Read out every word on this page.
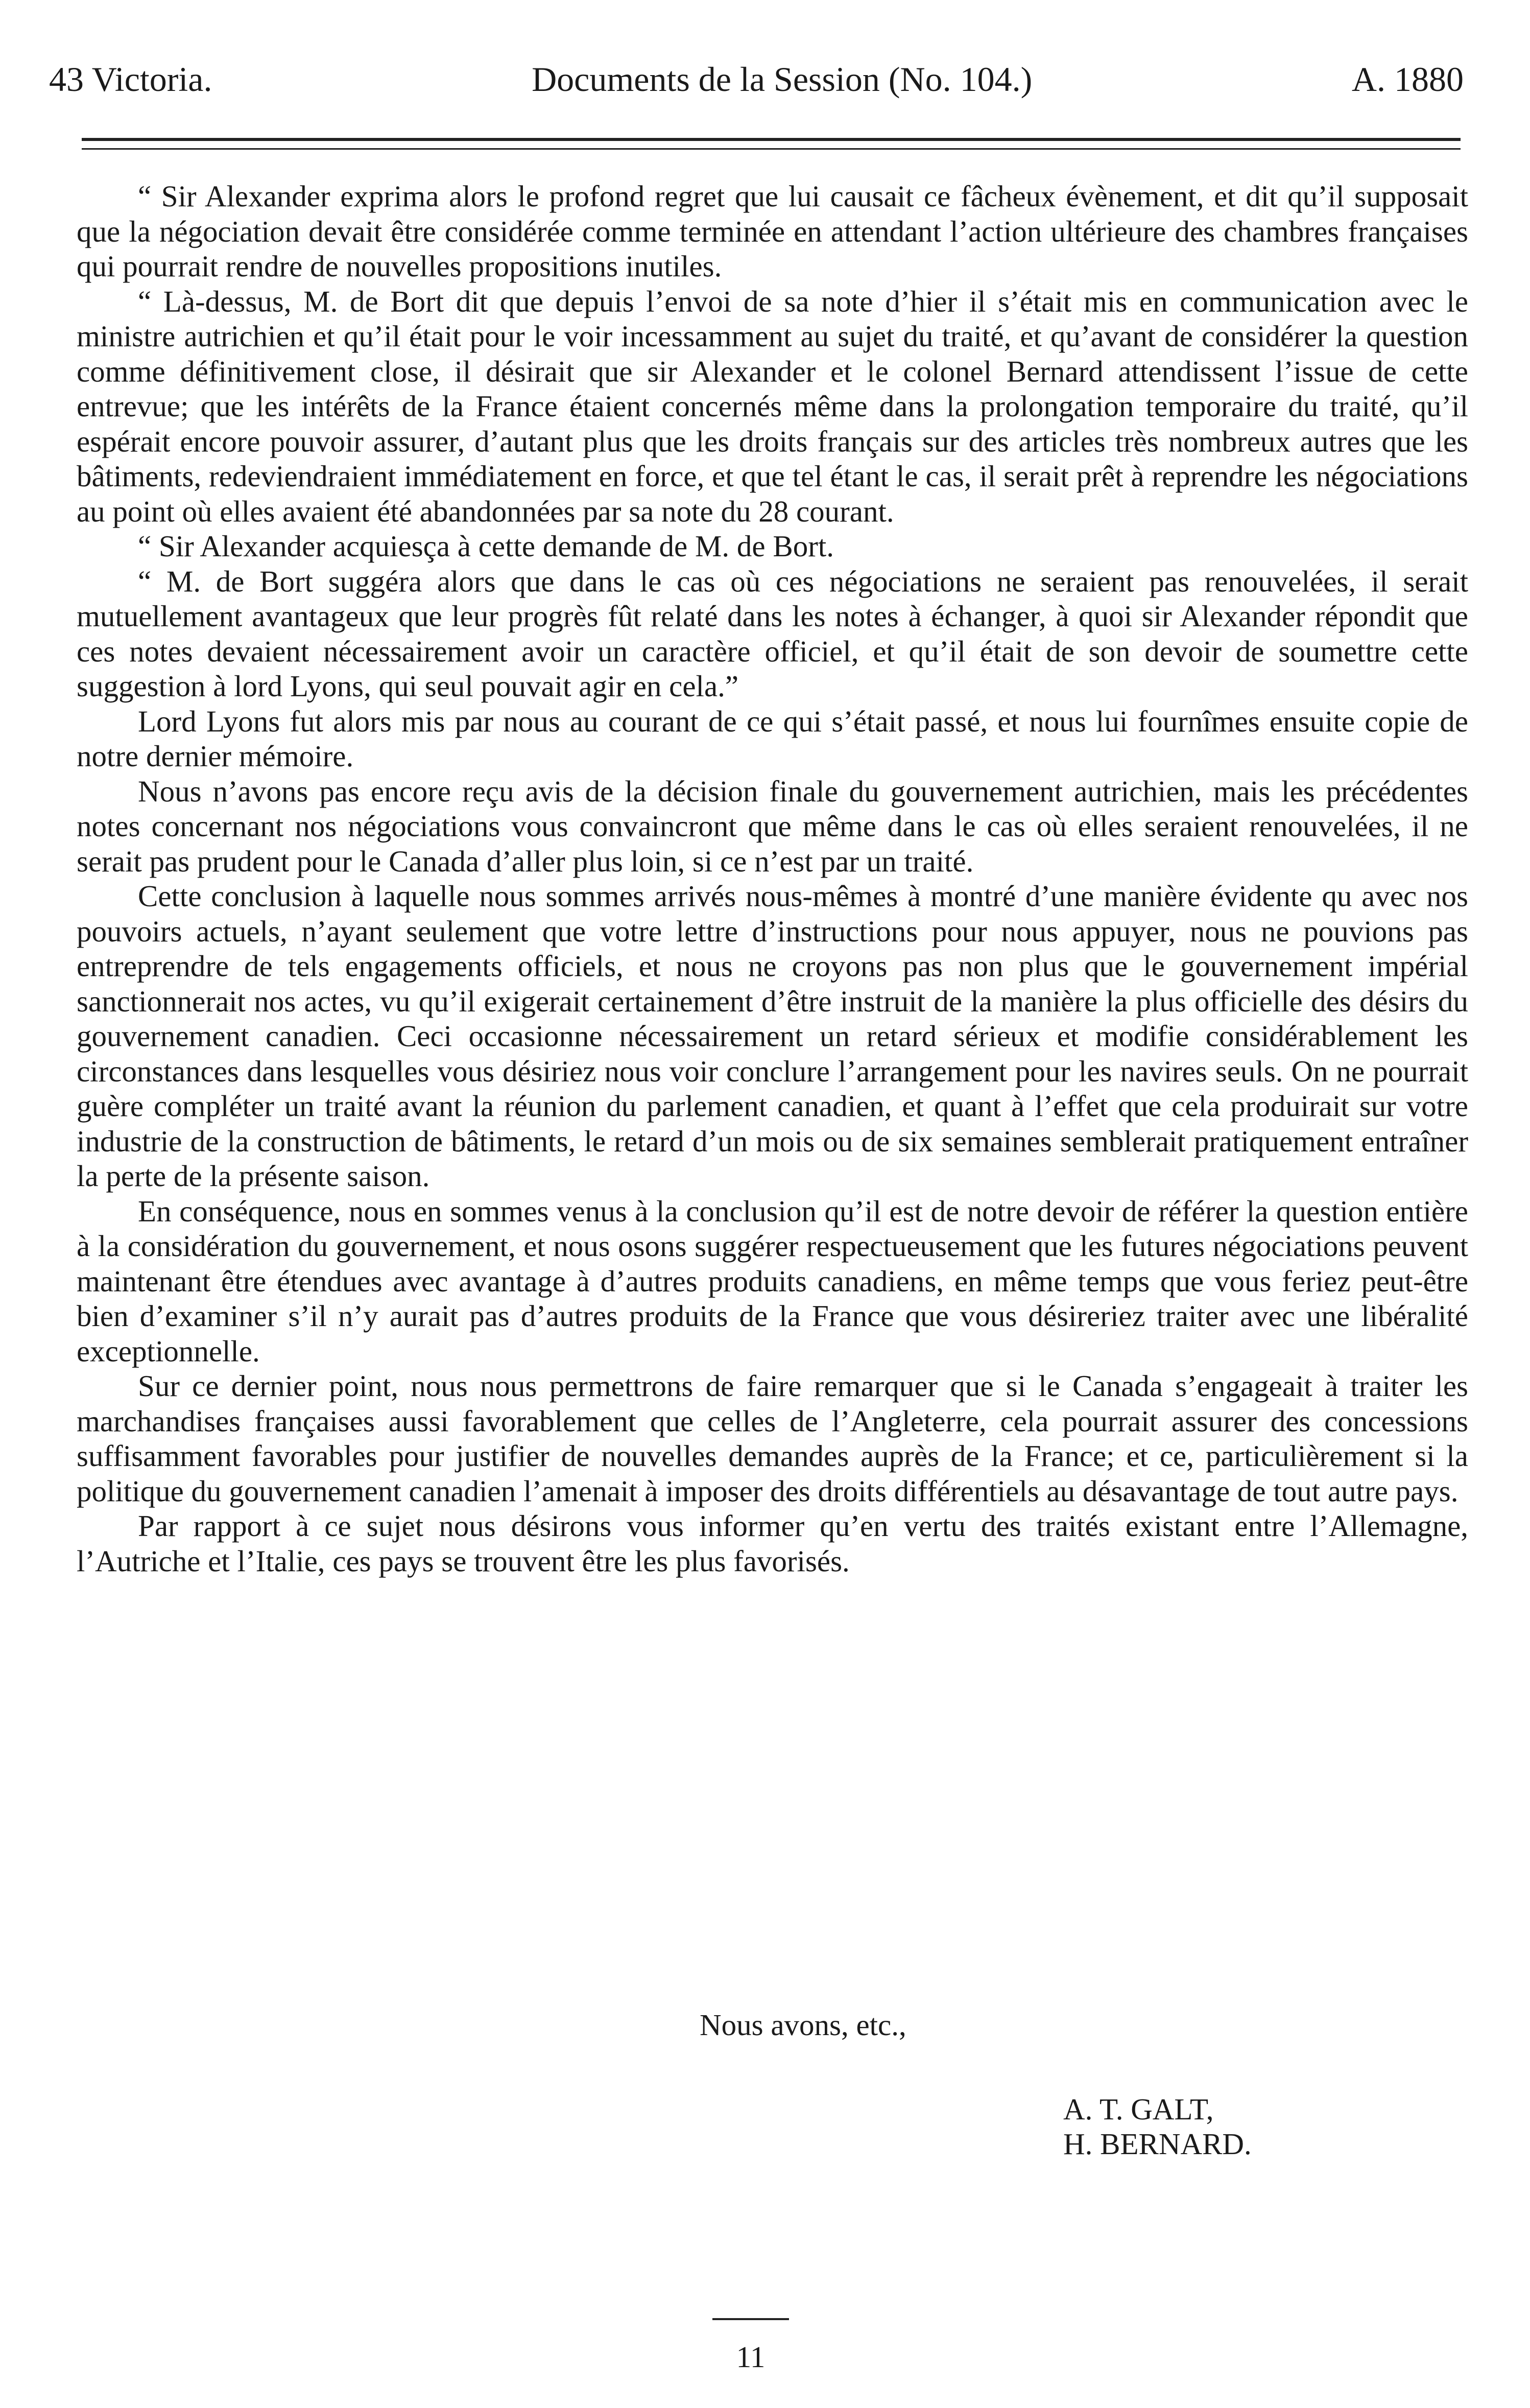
43 Victoria.	Documents de la Session (No. 104.)	A. 1880

“ Sir Alexander exprima alors le profond regret que lui causait ce fâcheux évènement, et dit qu’il supposait que la négociation devait être considérée comme terminée en attendant l’action ultérieure des chambres françaises qui pourrait rendre de nouvelles propositions inutiles.

“ Là-dessus, M. de Bort dit que depuis l’envoi de sa note d’hier il s’était mis en communication avec le ministre autrichien et qu’il était pour le voir incessamment au sujet du traité, et qu’avant de considérer la question comme définitivement close, il désirait que sir Alexander et le colonel Bernard attendissent l’issue de cette entrevue; que les intérêts de la France étaient concernés même dans la prolongation temporaire du traité, qu’il espérait encore pouvoir assurer, d’autant plus que les droits français sur des articles très nombreux autres que les bâtiments, redeviendraient immédiatement en force, et que tel étant le cas, il serait prêt à reprendre les négociations au point où elles avaient été abandonnées par sa note du 28 courant.

“ Sir Alexander acquiesça à cette demande de M. de Bort.

“ M. de Bort suggéra alors que dans le cas où ces négociations ne seraient pas renouvelées, il serait mutuellement avantageux que leur progrès fût relaté dans les notes à échanger, à quoi sir Alexander répondit que ces notes devaient nécessairement avoir un caractère officiel, et qu’il était de son devoir de soumettre cette suggestion à lord Lyons, qui seul pouvait agir en cela.”

Lord Lyons fut alors mis par nous au courant de ce qui s’était passé, et nous lui fournîmes ensuite copie de notre dernier mémoire.

Nous n’avons pas encore reçu avis de la décision finale du gouvernement autrichien, mais les précédentes notes concernant nos négociations vous convaincront que même dans le cas où elles seraient renouvelées, il ne serait pas prudent pour le Canada d’aller plus loin, si ce n’est par un traité.

Cette conclusion à laquelle nous sommes arrivés nous-mêmes à montré d’une manière évidente qu avec nos pouvoirs actuels, n’ayant seulement que votre lettre d’instructions pour nous appuyer, nous ne pouvions pas entreprendre de tels engagements officiels, et nous ne croyons pas non plus que le gouvernement impérial sanctionnerait nos actes, vu qu’il exigerait certainement d’être instruit de la manière la plus officielle des désirs du gouvernement canadien. Ceci occasionne nécessairement un retard sérieux et modifie considérablement les circonstances dans lesquelles vous désiriez nous voir conclure l’arrangement pour les navires seuls. On ne pourrait guère compléter un traité avant la réunion du parlement canadien, et quant à l’effet que cela produirait sur votre industrie de la construction de bâtiments, le retard d’un mois ou de six semaines semblerait pratiquement entraîner la perte de la présente saison.

En conséquence, nous en sommes venus à la conclusion qu’il est de notre devoir de référer la question entière à la considération du gouvernement, et nous osons suggérer respectueusement que les futures négociations peuvent maintenant être étendues avec avantage à d’autres produits canadiens, en même temps que vous feriez peut-être bien d’examiner s’il n’y aurait pas d’autres produits de la France que vous désireriez traiter avec une libéralité exceptionnelle.

Sur ce dernier point, nous nous permettrons de faire remarquer que si le Canada s’engageait à traiter les marchandises françaises aussi favorablement que celles de l’Angleterre, cela pourrait assurer des concessions suffisamment favorables pour justifier de nouvelles demandes auprès de la France; et ce, particulièrement si la politique du gouvernement canadien l’amenait à imposer des droits différentiels au désavantage de tout autre pays.

Par rapport à ce sujet nous désirons vous informer qu’en vertu des traités existant entre l’Allemagne, l’Autriche et l’Italie, ces pays se trouvent être les plus favorisés.

Nous avons, etc.,
A. T. GALT,
H. BERNARD.
11
